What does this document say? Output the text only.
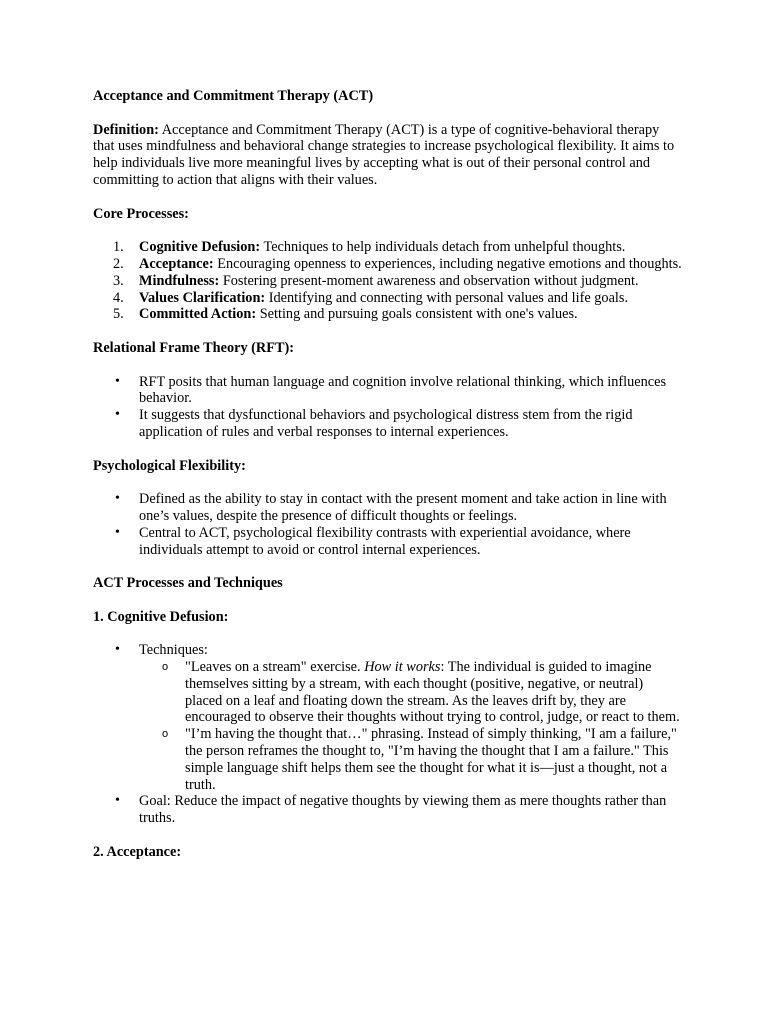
Acceptance and Commitment Therapy (ACT)

Definition: Acceptance and Commitment Therapy (ACT) is a type of cognitive-behavioral therapy that uses mindfulness and behavioral change strategies to increase psychological flexibility. It aims to help individuals live more meaningful lives by accepting what is out of their personal control and committing to action that aligns with their values.

Core Processes:

1. Cognitive Defusion: Techniques to help individuals detach from unhelpful thoughts.
2. Acceptance: Encouraging openness to experiences, including negative emotions and thoughts.
3. Mindfulness: Fostering present-moment awareness and observation without judgment.
4. Values Clarification: Identifying and connecting with personal values and life goals.
5. Committed Action: Setting and pursuing goals consistent with one's values.

Relational Frame Theory (RFT):

• RFT posits that human language and cognition involve relational thinking, which influences behavior.
• It suggests that dysfunctional behaviors and psychological distress stem from the rigid application of rules and verbal responses to internal experiences.

Psychological Flexibility:

• Defined as the ability to stay in contact with the present moment and take action in line with one’s values, despite the presence of difficult thoughts or feelings.
• Central to ACT, psychological flexibility contrasts with experiential avoidance, where individuals attempt to avoid or control internal experiences.

ACT Processes and Techniques

1. Cognitive Defusion:

• Techniques:
o "Leaves on a stream" exercise. How it works: The individual is guided to imagine themselves sitting by a stream, with each thought (positive, negative, or neutral) placed on a leaf and floating down the stream. As the leaves drift by, they are encouraged to observe their thoughts without trying to control, judge, or react to them.
o "I’m having the thought that…" phrasing. Instead of simply thinking, "I am a failure," the person reframes the thought to, "I’m having the thought that I am a failure." This simple language shift helps them see the thought for what it is—just a thought, not a truth.
• Goal: Reduce the impact of negative thoughts by viewing them as mere thoughts rather than truths.

2. Acceptance:
